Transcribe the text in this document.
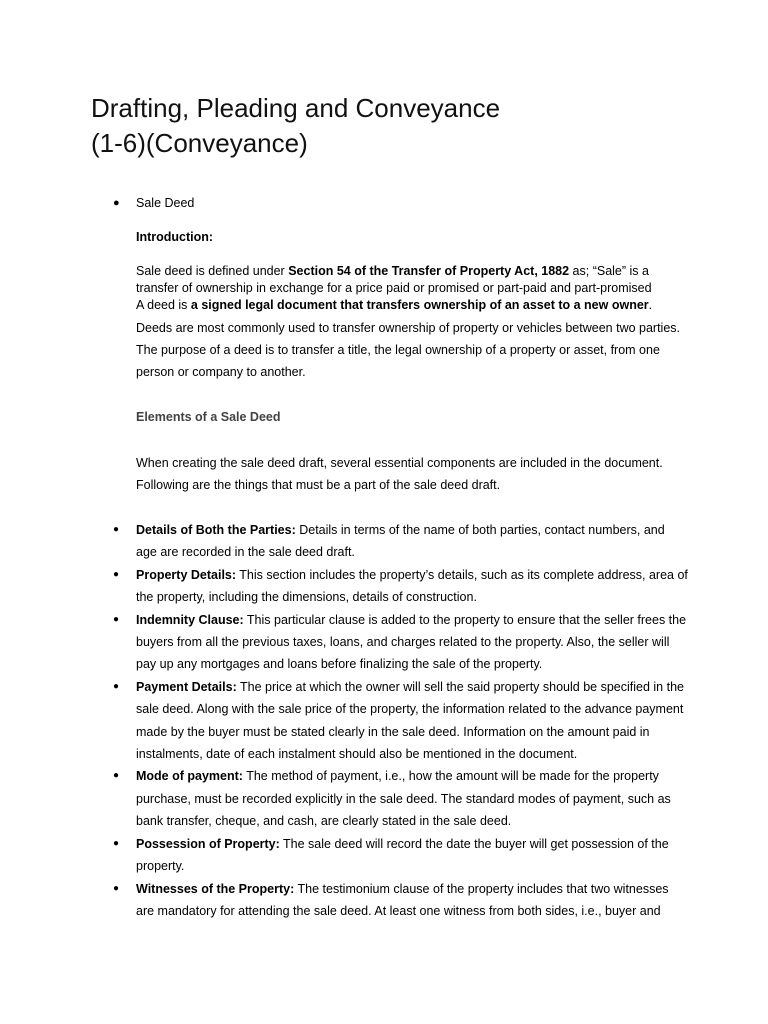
Drafting, Pleading and Conveyance
(1-6)(Conveyance)
● Sale Deed

Introduction:

Sale deed is defined under Section 54 of the Transfer of Property Act, 1882 as; “Sale” is a transfer of ownership in exchange for a price paid or promised or part-paid and part-promised

A deed is a signed legal document that transfers ownership of an asset to a new owner.

Deeds are most commonly used to transfer ownership of property or vehicles between two parties. The purpose of a deed is to transfer a title, the legal ownership of a property or asset, from one person or company to another.

Elements of a Sale Deed

When creating the sale deed draft, several essential components are included in the document. Following are the things that must be a part of the sale deed draft.

● Details of Both the Parties: Details in terms of the name of both parties, contact numbers, and age are recorded in the sale deed draft.
● Property Details: This section includes the property’s details, such as its complete address, area of the property, including the dimensions, details of construction.
● Indemnity Clause: This particular clause is added to the property to ensure that the seller frees the buyers from all the previous taxes, loans, and charges related to the property. Also, the seller will pay up any mortgages and loans before finalizing the sale of the property.
● Payment Details: The price at which the owner will sell the said property should be specified in the sale deed. Along with the sale price of the property, the information related to the advance payment made by the buyer must be stated clearly in the sale deed. Information on the amount paid in instalments, date of each instalment should also be mentioned in the document.
● Mode of payment: The method of payment, i.e., how the amount will be made for the property purchase, must be recorded explicitly in the sale deed. The standard modes of payment, such as bank transfer, cheque, and cash, are clearly stated in the sale deed.
● Possession of Property: The sale deed will record the date the buyer will get possession of the property.
● Witnesses of the Property: The testimonium clause of the property includes that two witnesses are mandatory for attending the sale deed. At least one witness from both sides, i.e., buyer and
